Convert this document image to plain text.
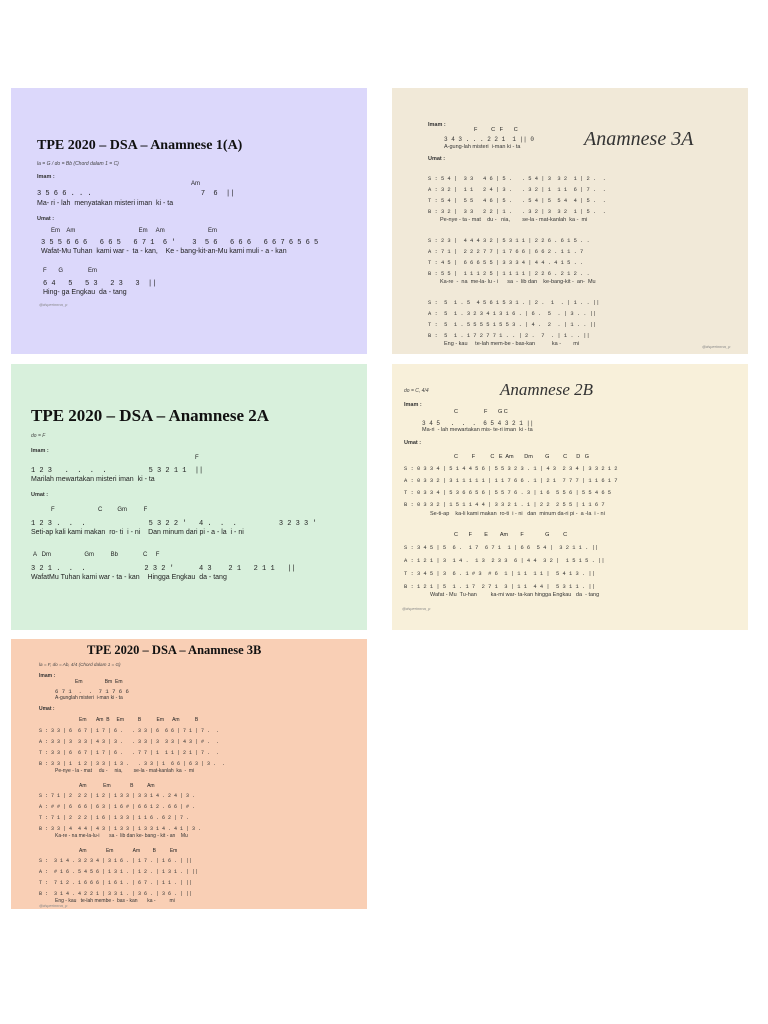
TPE 2020 – DSA – Anamnese 1(A)
la = G / do = Bb (Chord dalam 1 = C)
Imam :
Am
3 5 6 6 . . .                          7  6  ||
Ma- ri - lah  menyatakan misteri iman  ki - ta
Umat :
Em    Am                                      Em     Am                          Em
3 5 5 6 6 6   6 6 5   6 7 1  6 '    3  5 6   6 6 6   6 6 7 6 5 6 5
Wafat-Mu Tuhan  kami war -  ta - kan,    Ke - bang-kit-an-Mu kami muli - a - kan
F       G               Em
6 4   5   5 3   2 3   3  ||
Hing- ga Engkau  da - tang
@dsperimma_p
Imam :
F         C   F       C
3 4 3 . . . 2 2 1  1 || 0
A-gung-lah misteri  i-man ki - ta	Anamnese 3A
Umat :
S : 5 4 |  3 3   4 6 | 5 .   . 5 4 | 3  3 2  1 | 2 .  .
A : 3 2 |  1 1   2 4 | 3 .   . 3 2 | 1  1 1  6 | 7 .  .
T : 5 4 |  5 5   4 6 | 5 .   . 5 4 | 5  5 4  4 | 5 .  .
B : 3 2 |  3 3   2 2 | 1 .   . 3 2 | 3  3 2  1 | 5 .  .
Pe-nye - ta - mat    du -   nia,        se-la - mat-kanlah  ka -  mi
S : 2 3 |  4 4 4 3 2 | 5 3 1 1 | 2 2 6 . 6 1 5 . .
A : 7 1 |  2 2 2 7 7 | 1 7 6 6 | 6 6 2 . 1 1 . 7
T : 4 5 |  6 6 6 5 5 | 3 3 3 4 | 4 4 . 4 1 5 . .
B : 5 5 |  1 1 1 2 5 | 1 1 1 1 | 2 2 6 . 2 1 2 . .
Ka-re  -  na  me-la- lu - i      sa  -  lib dan    ke-bang-kit -  an-  Mu
S :  5  1 . 5  4 5 6 1 5 3 1 . | 2 .  1  . | 1 . . ||
A :  5  1 . 3 2 3 4 1 3 1 6 . | 6 .  5  . | 3 . . ||
T :  5  1 . 5 5 5 5 1 5 5 3 . | 4 .  2  . | 1 . . ||
B :  5  1 . 1 7 2 7 7 1 . . | 2 .  7  . | 1 . . ||
Eng - kau     te-lah mem-be - bas-kan           ka -        mi	@dsperimma_p
TPE 2020 – DSA – Anamnese 2A
do = F
Imam :
F
1 2 3   .  .  .  .          5 3 2 1 1  ||
Marilah mewartakan misteri iman  ki - ta
Umat :
F                          C         Gm          F
1 2 3 .  .  .               5 3 2 2 '   4 .  .  .          3 2 3 3 '
Seti-ap kali kami makan  ro- ti  i - ni    Dan minum dari pi - a - la  i - ni
A   Dm                    Gm          Bb               C     F
3 2 1 .  .  .              2 3 2 '      4 3    2 1   2 1 1   ||
WafatMu Tuhan kami war - ta - kan    Hingga Engkau  da - tang
Anamnese 2B
do = C, 4/4
Imam :
C                 F       G C
3 4 5   .  .  .  6 5 4 3 2 1 ||
Ma-ri  - lah mewartakan mis- te-ri iman  ki - ta
Umat :
C         F          C   E  Am       Dm        G         C      D   G
S : 0 3 3 4 | 5 1 4 4 5 6 | 5 5 3 2 3 . 1 | 4 3  2 3 4 | 3 3 2 1 2
A : 0 3 3 2 | 3 1 1 1 1 1 | 1 1 7 6 6 . 1 | 2 1  7 7 7 | 1 1 6 1 7
T : 0 3 3 4 | 5 3 6 6 5 6 | 5 5 7 6 . 3 | 1 6  5 5 6 | 5 5 4 6 5
B : 0 3 3 2 | 1 5 1 1 4 4 | 3 3 2 1 . 1 | 2 2  2 5 5 | 1 1 6 7
Se-ti-ap    ka-li kami makan  ro-ti  i - ni   dan  minum da-ri pi -  a -la  i - ni
C       F        E        Am        F              G         C
S : 3 4 5 | 5  6 .  1 7  6 7 1  1 | 6 6  5 4 |  3 2 1 1 . ||
A : 1 2 1 | 3  1 4 .  1 3  2 3 3  6 | 4 4  3 2 |  1 5 1 5 . ||
T : 3 4 5 | 3  6 . 1 # 3  # 6  1 | 1 1  1 1 |  5 4 1 3 . ||
B : 1 2 1 | 5  1 . 1 7  2 7 1  3 | 1 1  4 4 |  5 3 1 1 . ||
Wafat - Mu  Tu-han         ka-mi war- ta-kan hingga Engkau   da  - tang
@dsperimma_p
TPE 2020 – DSA – Anamnese 3B
la = F, do = Ab, 4/4 (Chord dalam 1 = G)
Imam :
Em                Bm  Em
6 7 1  .  .  7 1 7 6 6
A-gunglah misteri  i-man ki - ta
Umat :
Em       Am  B     Em          B           Em      Am           B
S : 3 3 | 6  6 7 | 1 7 | 6 .   . 3 3 | 6  6 6 | 7 1 | 7 .  .
A : 3 3 | 3  3 3 | 4 3 | 3 .   . 3 3 | 3  3 3 | 4 3 | # .  .
T : 3 3 | 6  6 7 | 1 7 | 6 .   . 7 7 | 1  1 1 | 2 1 | 7 .  .
B : 3 3 | 1  1 2 | 3 3 | 1 3 .   . 3 3 | 1  6 6 | 6 3 | 3 .  .
Pe-nye - la - mat     du -     nia,        se-la - mat-kanlah  ka  -  mi
Am            Em              B          Am
S : 7 1 | 2  2 2 | 1 2 | 1 3 3 | 3 3 1 4 . 2 4 | 3 .
A : # # | 6  6 6 | 6 3 | 1 6 # | 6 6 1 2 . 6 6 | # .
T : 7 1 | 2  2 2 | 1 6 | 1 3 3 | 1 1 6 . 6 2 | 7 .
B : 3 3 | 4  4 4 | 4 3 | 1 3 3 | 1 3 3 1 4 . 4 1 | 3 .
Ka-re - na me-la-lu-i       sa -  lib dan ke- bang - kit - an    Mu
Am              Em              Am         B          Em
S :  3 1 4 . 3 2 3 4 | 3 1 6 . | 1 7 . | 1 6 . | ||
A :  # 1 6 . 5 4 5 6 | 1 3 1 . | 1 2 . | 1 3 1 . | ||
T :  7 1 2 . 1 6 6 6 | 1 6 1 . | 6 7 . | 1 1 . | ||
B :  3 1 4 . 4 2 2 1 | 3 3 1 . | 3 6 . | 3 6 . | ||
Eng - kau   te-lah membe -  bas - kan       ka -          mi
@dsperimma_p
